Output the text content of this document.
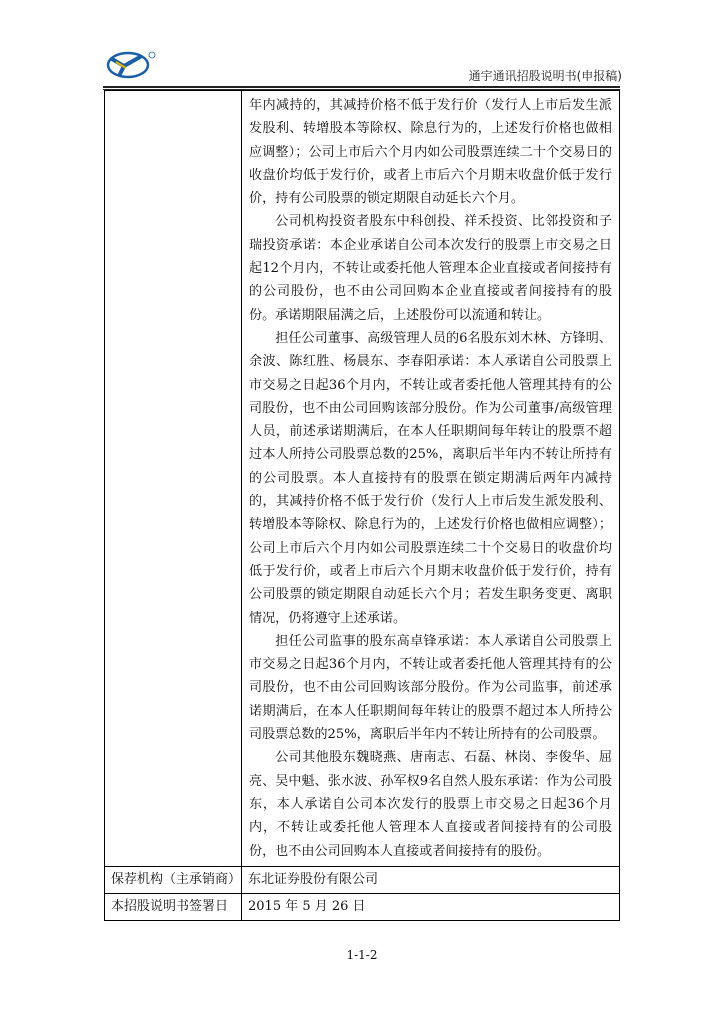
通宇通讯招股说明书(申报稿)

	年内减持的，其减持价格不低于发行价（发行人上市后发生派发股利、转增股本等除权、除息行为的，上述发行价格也做相应调整）；公司上市后六个月内如公司股票连续二十个交易日的收盘价均低于发行价，或者上市后六个月期末收盘价低于发行价，持有公司股票的锁定期限自动延长六个月。

公司机构投资者股东中科创投、祥禾投资、比邻投资和子瑞投资承诺：本企业承诺自公司本次发行的股票上市交易之日起12个月内，不转让或委托他人管理本企业直接或者间接持有的公司股份，也不由公司回购本企业直接或者间接持有的股份。承诺期限届满之后，上述股份可以流通和转让。

担任公司董事、高级管理人员的6名股东刘木林、方锋明、余波、陈红胜、杨晨东、李春阳承诺：本人承诺自公司股票上市交易之日起36个月内，不转让或者委托他人管理其持有的公司股份，也不由公司回购该部分股份。作为公司董事/高级管理人员，前述承诺期满后，在本人任职期间每年转让的股票不超过本人所持公司股票总数的25%，离职后半年内不转让所持有的公司股票。本人直接持有的股票在锁定期满后两年内减持的，其减持价格不低于发行价（发行人上市后发生派发股利、转增股本等除权、除息行为的，上述发行价格也做相应调整）；公司上市后六个月内如公司股票连续二十个交易日的收盘价均低于发行价，或者上市后六个月期末收盘价低于发行价，持有公司股票的锁定期限自动延长六个月；若发生职务变更、离职情况，仍将遵守上述承诺。

担任公司监事的股东高卓锋承诺：本人承诺自公司股票上市交易之日起36个月内，不转让或者委托他人管理其持有的公司股份，也不由公司回购该部分股份。作为公司监事，前述承诺期满后，在本人任职期间每年转让的股票不超过本人所持公司股票总数的25%，离职后半年内不转让所持有的公司股票。

公司其他股东魏晓燕、唐南志、石磊、林岗、李俊华、屈亮、吴中魁、张水波、孙军权9名自然人股东承诺：作为公司股东，本人承诺自公司本次发行的股票上市交易之日起36个月内，不转让或委托他人管理本人直接或者间接持有的公司股份，也不由公司回购本人直接或者间接持有的股份。

保荐机构（主承销商）	东北证券股份有限公司
本招股说明书签署日	2015 年 5 月 26 日
1-1-2
